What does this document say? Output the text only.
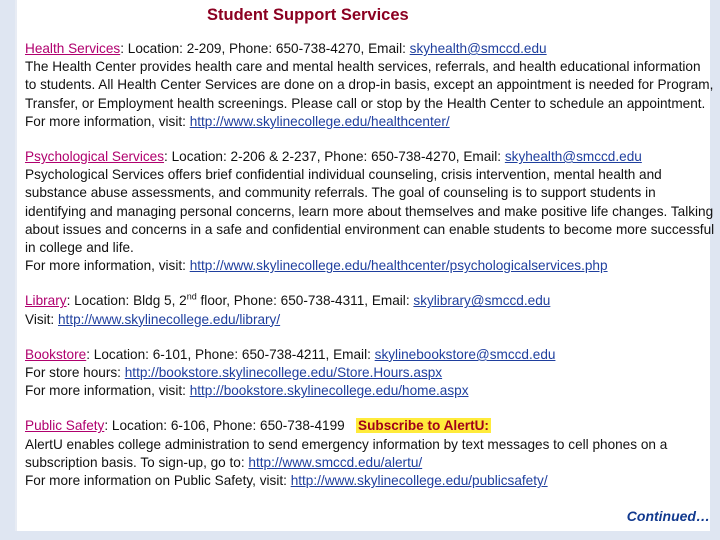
Student Support Services
Health Services: Location: 2-209, Phone: 650-738-4270, Email: skyhealth@smccd.edu
The Health Center provides health care and mental health services, referrals, and health educational information to students. All Health Center Services are done on a drop-in basis, except an appointment is needed for Program, Transfer, or Employment health screenings. Please call or stop by the Health Center to schedule an appointment.
For more information, visit: http://www.skylinecollege.edu/healthcenter/
Psychological Services: Location: 2-206 & 2-237, Phone: 650-738-4270, Email: skyhealth@smccd.edu
Psychological Services offers brief confidential individual counseling, crisis intervention, mental health and substance abuse assessments, and community referrals. The goal of counseling is to support students in identifying and managing personal concerns, learn more about themselves and make positive life changes. Talking about issues and concerns in a safe and confidential environment can enable students to become more successful in college and life.
For more information, visit: http://www.skylinecollege.edu/healthcenter/psychologicalservices.php
Library: Location: Bldg 5, 2nd floor, Phone: 650-738-4311, Email: skylibrary@smccd.edu
Visit: http://www.skylinecollege.edu/library/
Bookstore: Location: 6-101, Phone: 650-738-4211, Email: skylinebookstore@smccd.edu
For store hours: http://bookstore.skylinecollege.edu/Store.Hours.aspx
For more information, visit: http://bookstore.skylinecollege.edu/home.aspx
Public Safety: Location: 6-106, Phone: 650-738-4199   Subscribe to AlertU:
AlertU enables college administration to send emergency information by text messages to cell phones on a subscription basis. To sign-up, go to: http://www.smccd.edu/alertu/
For more information on Public Safety, visit: http://www.skylinecollege.edu/publicsafety/
Continued…
